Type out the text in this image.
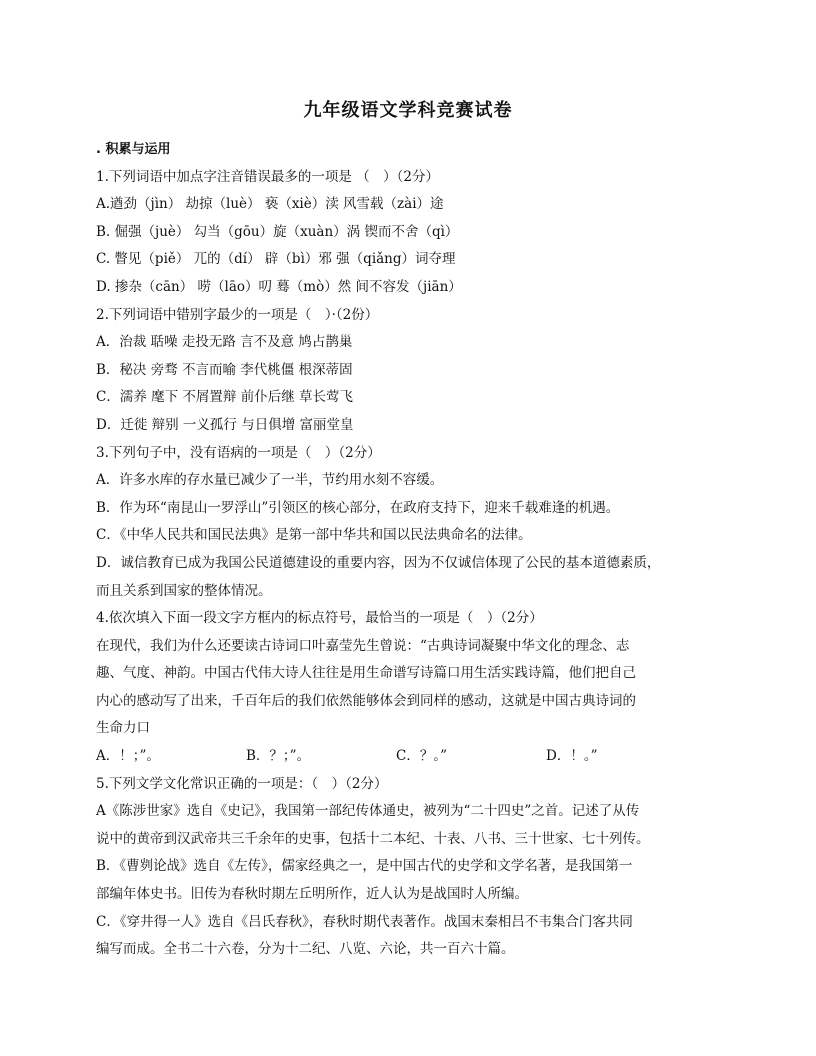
九年级语文学科竞赛试卷
. 积累与运用
1.下列词语中加点字注音错误最多的一项是 （　）（2分）
A.遒劲（jìn） 劫掠（luè） 亵（xiè）渎 风雪载（zài）途
B. 倔强（juè） 勾当（gōu）旋（xuàn）涡 锲而不舍（qì）
C. 瞥见（piě） 兀的（dí） 辟（bì）邪 强（qiǎng）词夺理
D. 掺杂（cān） 唠（lāo）叨 蓦（mò）然 间不容发（jiān）
2.下列词语中错别字最少的一项是（　）·（2份）
A．治裁 聒噪 走投无路 言不及意 鸠占鹊巢
B．秘决 旁骛 不言而喻 李代桃僵 根深蒂固
C．濡养 麾下 不屑置辩 前仆后继 草长莺飞
D．迁徙 辩别 一义孤行 与日俱增 富丽堂皇
3.下列句子中，没有语病的一项是（　）（2分）
A．许多水库的存水量已减少了一半，节约用水刻不容缓。
B．作为环“南昆山一罗浮山”引领区的核心部分，在政府支持下，迎来千载难逢的机遇。
C．《中华人民共和国民法典》是第一部中华共和国以民法典命名的法律。
D．诚信教育已成为我国公民道德建设的重要内容，因为不仅诚信体现了公民的基本道德素质，
而且关系到国家的整体情况。
4.依次填入下面一段文字方框内的标点符号，最恰当的一项是（　）（2分）
在现代，我们为什么还要读古诗词口叶嘉莹先生曾说：“古典诗词凝聚中华文化的理念、志
趣、气度、神韵。中国古代伟大诗人往往是用生命谱写诗篇口用生活实践诗篇，他们把自己
内心的感动写了出来，千百年后的我们依然能够体会到同样的感动，这就是中国古典诗词的
生命力口
A．！；”。	B．？；”。	C．？。”	D．！。”
5.下列文学文化常识正确的一项是：（　）（2分）
A《陈涉世家》选自《史记》，我国第一部纪传体通史，被列为“二十四史”之首。记述了从传
说中的黄帝到汉武帝共三千余年的史事，包括十二本纪、十表、八书、三十世家、七十列传。
B．《曹刿论战》选自《左传》，儒家经典之一，是中国古代的史学和文学名著，是我国第一
部编年体史书。旧传为春秋时期左丘明所作，近人认为是战国时人所编。
C．《穿井得一人》选自《吕氏春秋》，春秋时期代表著作。战国末秦相吕不韦集合门客共同
编写而成。全书二十六卷，分为十二纪、八览、六论，共一百六十篇。
